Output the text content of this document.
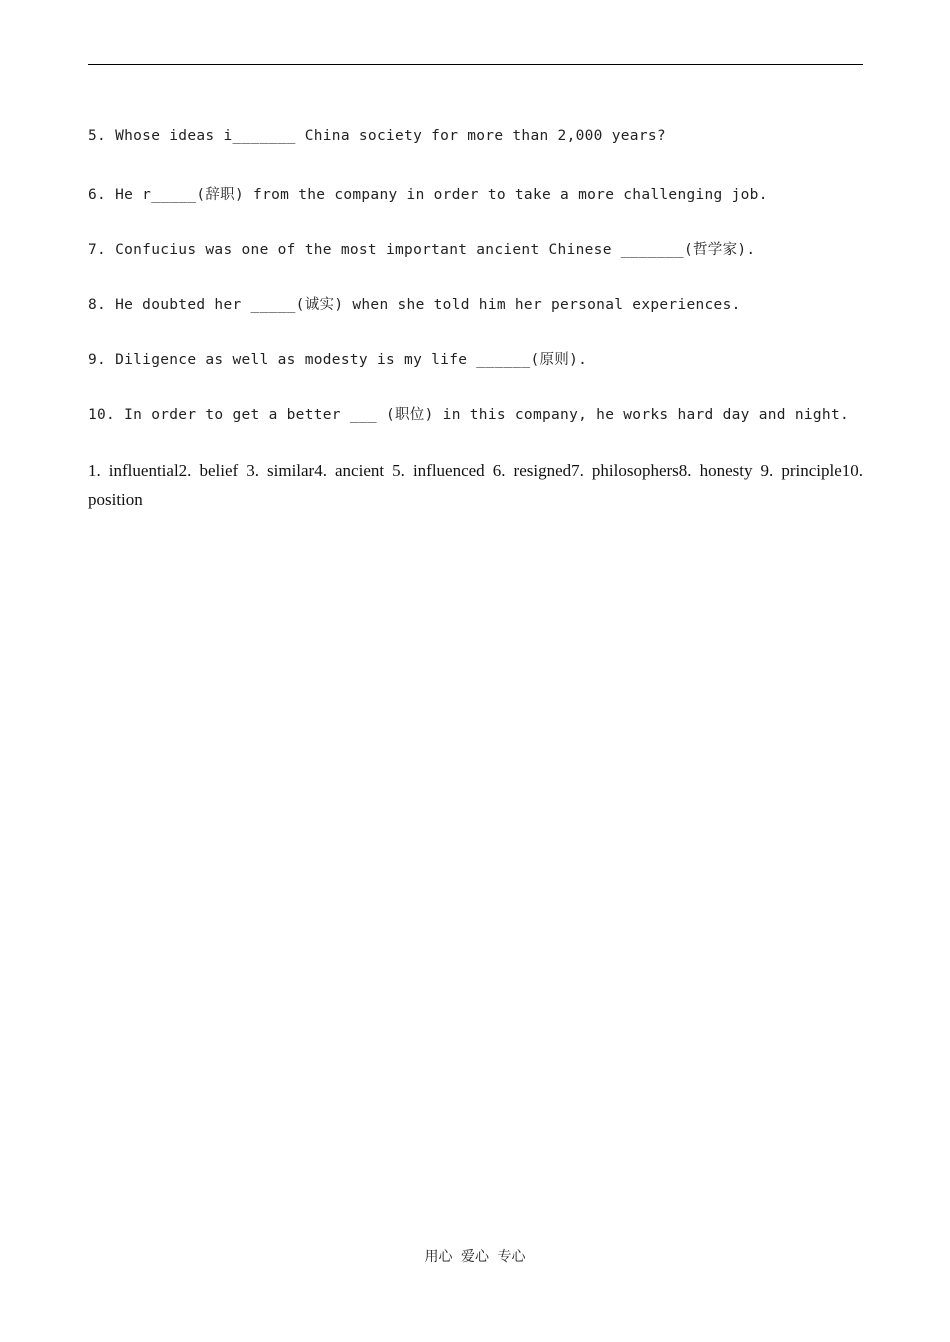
5. Whose ideas i_______ China society for more than 2,000 years?
6. He r_____(辞职) from the company in order to take a more challenging job.
7. Confucius was one of the most important ancient Chinese _______(哲学家).
8. He doubted her _____(诚实) when she told him her personal experiences.
9. Diligence as well as modesty is my life ______(原则).
10. In order to get a better ___ (职位) in this company, he works hard day and night.
1. influential2. belief 3. similar4. ancient 5. influenced 6. resigned7. philosophers8. honesty 9. principle10. position
用心 爱心 专心
